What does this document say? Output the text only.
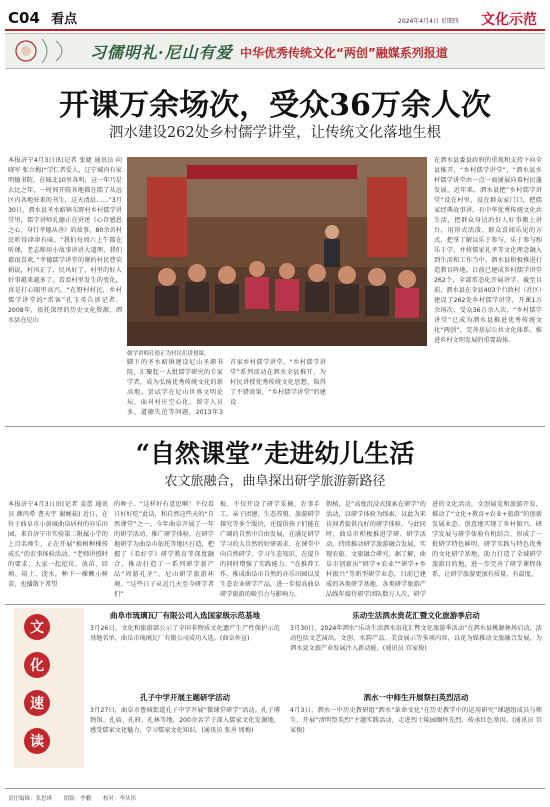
C04 看点	2024年4月4日 星期四 文化示范
习儒明礼·尼山有爱 中华优秀传统文化“两创”融媒系列报道
开课万余场次，受众36万余人次
泗水建设262处乡村儒学讲堂，让传统文化落地生根
本报济宁4月3日讯(记者 张婕 通讯员 向晓军 张立梅)“学仁者爱人，辽宁城内有家明德书院，在城北10里各明，这一年乃是大比之年，一时间开院各地都在儒了从远区内各地驻来的书生，这天清晨……”3月30日，泗水县圣水峪镇东野村乡村儒学讲堂里，儒学讲师孔德正在讲述《心存感恩之心，身行孝德从善》的故事，80余名村民听得津津有味。“我们每周六上午都在听课，老志师用小故事讲讲大道理，我们都很喜欢。”孝德儒学讲堂的课的村民曹荣娟说，村风正了，民风好了，村里的好人好事越来越多了。看看村里发生的变化，真是打心眼里高兴。“在野村村民，乡村儒学讲堂的“常客”孔玉英告诉记者。2008年，依托深厚的历史文化资源，泗水县在尼山
儒学讲师孔德正为村民们讲授课。
脚下的圣水峪镇建设尼山圣源书院，汇聚起一大批儒学研究的专家学者，成为弘扬优秀传统文化的新高地。尝试学在尼山世界文明论坛，面对村庄空心化、留守人员多、道德失范等问题，2013年3
首家乡村儒学讲堂。“乡村儒学讲堂”系列活动在泗水全县推开，为村民讲授优秀传统文化思想，取得了不错效果，“乡村儒学讲堂”的建设
在泗水县委县政府的重视和支持下向全县推开，“乡村儒学讲堂”，“泗水县乡村儒学讲堂由一点一面铺展向着村民蓬发展。近年来，泗水县把“乡村儒学讲堂”设在村里，设在群众家门口，把儒家经典故事讲、有中华优秀传统文化共生活，把群众身边的好人好事搬上讲台，用形式活泼、群众喜闻乐见的方式，把拿了解以乐于参与，乐于参与和乐于学，并将儒家礼孝等文化理念融入到生活和工作当中。泗水县积极推进打造教育阵地，目前已建成乡村儒学讲堂262个，全部常态化开展讲学。截至目前，泗水县在全县403个行政村（社区）建设了262处乡村儒学讲堂，开课1万余场次，受众36万余人次。“乡村儒学讲堂”已成为泗水县推进优秀传统文化“两创”、完善基层公共文化体系、推进乡村文明发展的重要载体。
“自然课堂”走进幼儿生活
农文旅融合，曲阜探出研学旅游新路径
本报济宁4月3日讯(记者 姜蕾 通讯员 颜丙希 曹天宇 谢婉茹) 近日，在位于曲阜市小黄城曲阜居村的亦乐田园，来自济宁市实验第二附属小学的上百名师生，正在开展“植树种棵传成长”的农事体验活动。“老师讲授时的要求，大家一起挖坑、放苗、回填、培土、浇水，种下一棵颗小树苗，也播散下希望
的种子。“这样好有意思啊！不仅看日好好吃”此话，和自然这些天的“自然课堂”之一。今年曲阜开展了一年的研学活动，推广研学体验，在研学地研学为曲阜市依托等地区打造，把握了《看好学》研学教育等深度融合，推动打造了一系列研学新产品“周游孔圣”，尼山研学旅游环境。“这些日子从近几天至今研学者们”
植，不仅开设了研学采摘、农事手工、亲子团建、生态养殖、旅游研学探究等多个版块，还提供孩子们能在广阔的自然中自由发展，在满足研学学习的大自然的好研需求，在课堂中向自然研学，学习生态知识，在提升的同时增强了实践能力。“在推荐工作，推成曲阜市自然的亦乐田园以及生态农业研学产品，进一步提高曲阜研学旅游的吸引力与影响力。
假植，是“高度沉浸式探索在研学”的活动，以研学体验为线索，以此为来访问者提供良好的研学体验。与此同时，曲阜市积极推进学研、研学活动，持续推动研学旅游融合发展，实现农旅、文旅融合研究。据了解，曲阜市创新出“研学+农业”“研学+乡村振兴”等新型研学业态，目前已建成的各类研学基地，各类研学旅游产品线年接待研学团队数万人次，研学
进的文化活动，文创展览和旅游开发，推动了“文化+教育+农业+旅游”的创新发展业态，创意地实现了乡村振兴。研学发展与研学体验有机结合，形成了一批研学特色鲜明，研学实践与特色优秀的文化研学基地，助力打造了全域研学旅游目的地，进一步完善了研学课程体系，让研学旅游更加有质量、有温度。
文
化
速
读
曲阜市琉璃瓦厂有限公司入选国家级示范基地
3月26日，文化和旅游部公示了全国非物质文化遗产生产性保护示范基地名单，曲阜市琉璃瓦厂有限公司成功入选。(曲阜外宣)
孔子中学开展主题研学活动
3月27日，曲阜市鲁城街道孔子中学开展“微课堂研学”活动。孔子博物馆、孔庙、孔府、孔林等地，200余名学子深入儒家文化发源地，感受儒家文化魅力，学习儒家文化知识。(通讯员 张善 周梅)
乐动生活泗水贵花汇暨文化旅游季启动
3月30日，2024年泗水“乐动生活泗水贵花汇暨文化旅游季活动”在泗水县桃源林场启动，活动包括文艺演出、文创、水韵产品、美食展示等多项内容，以花为媒推动文旅融合发展，为泗水县文旅产业发展注入新动能。(通讯员 宫家俊)
泗水一中师生开展祭扫英烈活动
4月3日，泗水一中历史教研组“泗水”革命文化“在历史教学中的运用研究”课题组成员与师生，开展“清明祭英烈”主题实践活动，走进烈士陵园缅怀先烈，传承红色基因。(通讯员 宫家俊)
责任编辑：张思琪 组版：李鹏 校对：李从伟
